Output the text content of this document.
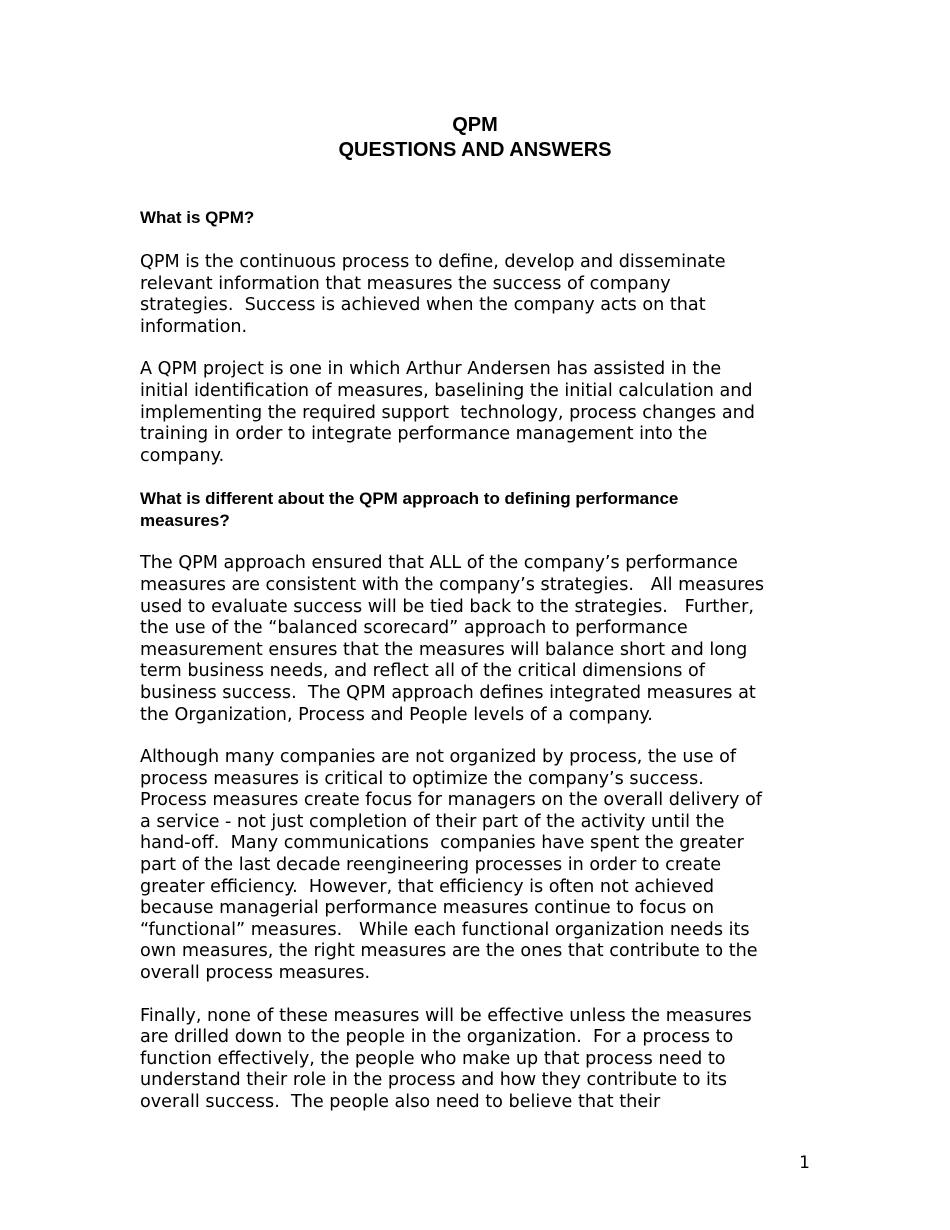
QPM
QUESTIONS AND ANSWERS

What is QPM?

QPM is the continuous process to define, develop and disseminate
relevant information that measures the success of company
strategies.  Success is achieved when the company acts on that
information.

A QPM project is one in which Arthur Andersen has assisted in the
initial identification of measures, baselining the initial calculation and
implementing the required support  technology, process changes and
training in order to integrate performance management into the
company.

What is different about the QPM approach to defining performance
measures?

The QPM approach ensured that ALL of the company’s performance
measures are consistent with the company’s strategies.   All measures
used to evaluate success will be tied back to the strategies.   Further,
the use of the “balanced scorecard” approach to performance
measurement ensures that the measures will balance short and long
term business needs, and reflect all of the critical dimensions of
business success.  The QPM approach defines integrated measures at
the Organization, Process and People levels of a company.

Although many companies are not organized by process, the use of
process measures is critical to optimize the company’s success.
Process measures create focus for managers on the overall delivery of
a service - not just completion of their part of the activity until the
hand-off.  Many communications  companies have spent the greater
part of the last decade reengineering processes in order to create
greater efficiency.  However, that efficiency is often not achieved
because managerial performance measures continue to focus on
“functional” measures.   While each functional organization needs its
own measures, the right measures are the ones that contribute to the
overall process measures.

Finally, none of these measures will be effective unless the measures
are drilled down to the people in the organization.  For a process to
function effectively, the people who make up that process need to
understand their role in the process and how they contribute to its
overall success.  The people also need to believe that their

1
